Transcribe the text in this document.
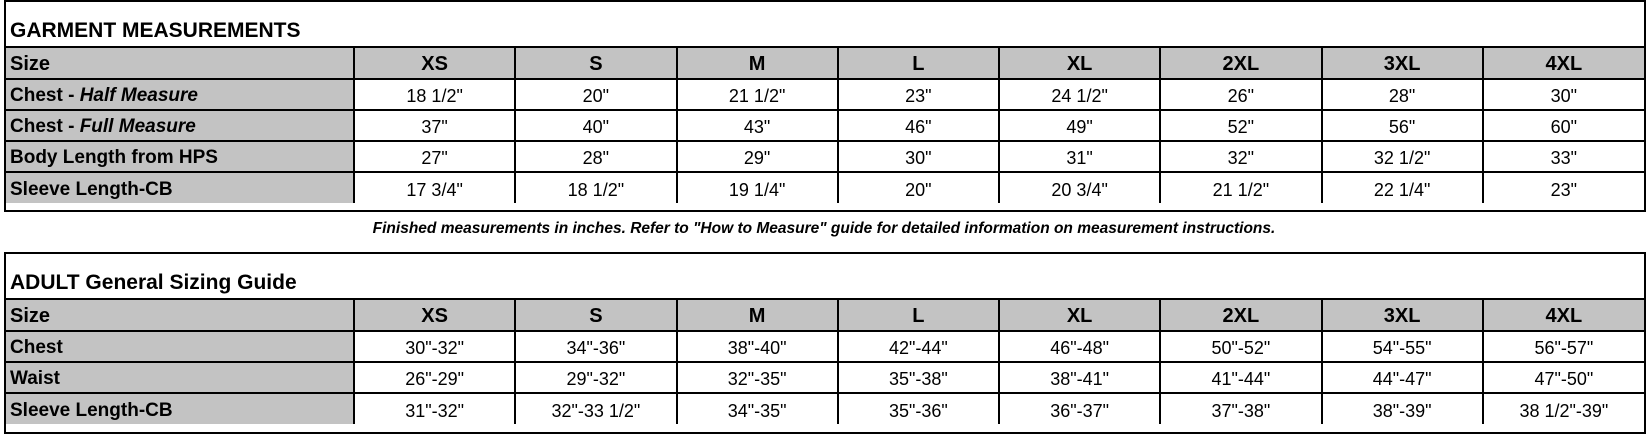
GARMENT MEASUREMENTS
Size	XS	S	M	L	XL	2XL	3XL	4XL
Chest - Half Measure	18 1/2"	20"	21 1/2"	23"	24 1/2"	26"	28"	30"
Chest - Full Measure	37"	40"	43"	46"	49"	52"	56"	60"
Body Length from HPS	27"	28"	29"	30"	31"	32"	32 1/2"	33"
Sleeve Length-CB	17 3/4"	18 1/2"	19 1/4"	20"	20 3/4"	21 1/2"	22 1/4"	23"
Finished measurements in inches. Refer to "How to Measure" guide for detailed information on measurement instructions.
ADULT General Sizing Guide
Size	XS	S	M	L	XL	2XL	3XL	4XL
Chest	30"-32"	34"-36"	38"-40"	42"-44"	46"-48"	50"-52"	54"-55"	56"-57"
Waist	26"-29"	29"-32"	32"-35"	35"-38"	38"-41"	41"-44"	44"-47"	47"-50"
Sleeve Length-CB	31"-32"	32"-33 1/2"	34"-35"	35"-36"	36"-37"	37"-38"	38"-39"	38 1/2"-39"
